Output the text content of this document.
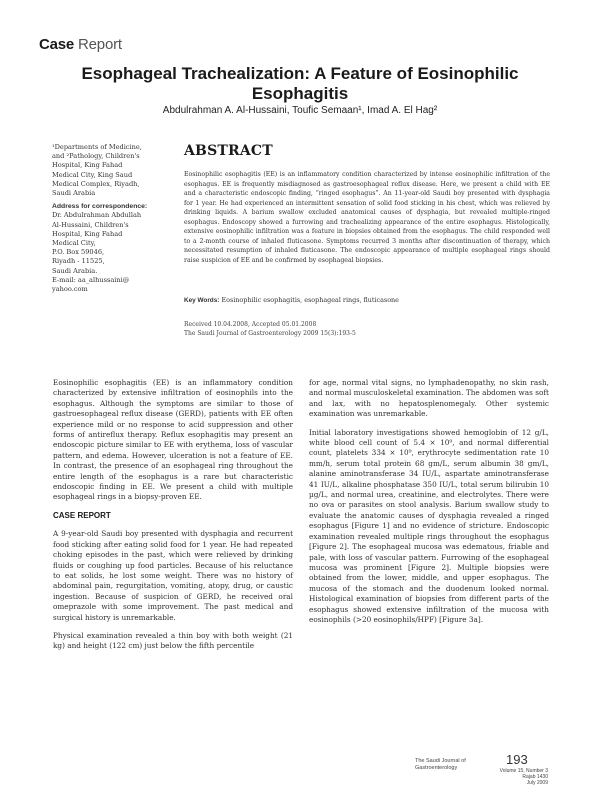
Case Report
Esophageal Trachealization: A Feature of Eosinophilic Esophagitis
Abdulrahman A. Al-Hussaini, Toufic Semaan¹, Imad A. El Hag²

¹Departments of Medicine,
and ²Pathology, Children's
Hospital, King Fahad
Medical City, King Saud
Medical Complex, Riyadh,
Saudi Arabia

Address for correspondence:

Dr. Abdulrahman Abdullah
Al-Hussaini, Children's
Hospital, King Fahad
Medical City,
P.O. Box 59046,
Riyadh - 11525,
Saudi Arabia.
E-mail: aa_alhussaini@
yahoo.com

ABSTRACT
Eosinophilic esophagitis (EE) is an inflammatory condition characterized by intense eosinophilic infiltration of the esophagus. EE is frequently misdiagnosed as gastroesophageal reflux disease. Here, we present a child with EE and a characteristic endoscopic finding, “ringed esophagus”. An 11-year-old Saudi boy presented with dysphagia for 1 year. He had experienced an intermittent sensation of solid food sticking in his chest, which was relieved by drinking liquids. A barium swallow excluded anatomical causes of dysphagia, but revealed multiple-ringed esophagus. Endoscopy showed a furrowing and trachealizing appearance of the entire esophagus. Histologically, extensive eosinophilic infiltration was a feature in biopsies obtained from the esophagus. The child responded well to a 2-month course of inhaled fluticasone. Symptoms recurred 3 months after discontinuation of therapy, which necessitated resumption of inhaled fluticasone. The endoscopic appearance of multiple esophageal rings should raise suspicion of EE and be confirmed by esophageal biopsies.
Key Words: Eosinophilic esophagitis, esophageal rings, fluticasone
Received 10.04.2008, Accepted 05.01.2008
The Saudi Journal of Gastroenterology 2009 15(3):193-5

Eosinophilic esophagitis (EE) is an inflammatory condition characterized by extensive infiltration of eosinophils into the esophagus. Although the symptoms are similar to those of gastroesophageal reflux disease (GERD), patients with EE often experience mild or no response to acid suppression and other forms of antireflux therapy. Reflux esophagitis may present an endoscopic picture similar to EE with erythema, loss of vascular pattern, and edema. However, ulceration is not a feature of EE. In contrast, the presence of an esophageal ring throughout the entire length of the esophagus is a rare but characteristic endoscopic finding in EE. We present a child with multiple esophageal rings in a biopsy-proven EE.

CASE REPORT

A 9-year-old Saudi boy presented with dysphagia and recurrent food sticking after eating solid food for 1 year. He had repeated choking episodes in the past, which were relieved by drinking fluids or coughing up food particles. Because of his reluctance to eat solids, he lost some weight. There was no history of abdominal pain, regurgitation, vomiting, atopy, drug, or caustic ingestion. Because of suspicion of GERD, he received oral omeprazole with some improvement. The past medical and surgical history is unremarkable.

Physical examination revealed a thin boy with both weight (21 kg) and height (122 cm) just below the fifth percentile

for age, normal vital signs, no lymphadenopathy, no skin rash, and normal musculoskeletal examination. The abdomen was soft and lax, with no hepatosplenomegaly. Other systemic examination was unremarkable.

Initial laboratory investigations showed hemoglobin of 12 g/L, white blood cell count of 5.4 × 10⁹, and normal differential count, platelets 334 × 10⁹, erythrocyte sedimentation rate 10 mm/h, serum total protein 68 gm/L, serum albumin 38 gm/L, alanine aminotransferase 34 IU/L, aspartate aminotransferase 41 IU/L, alkaline phosphatase 350 IU/L, total serum bilirubin 10 µg/L, and normal urea, creatinine, and electrolytes. There were no ova or parasites on stool analysis. Barium swallow study to evaluate the anatomic causes of dysphagia revealed a ringed esophagus [Figure 1] and no evidence of stricture. Endoscopic examination revealed multiple rings throughout the esophagus [Figure 2]. The esophageal mucosa was edematous, friable and pale, with loss of vascular pattern. Furrowing of the esophageal mucosa was prominent [Figure 2]. Multiple biopsies were obtained from the lower, middle, and upper esophagus. The mucosa of the stomach and the duodenum looked normal. Histological examination of biopsies from different parts of the esophagus showed extensive infiltration of the mucosa with eosinophils (>20 eosinophils/HPF) [Figure 3a].

The Saudi Journal of
Gastroenterology
193
Volume 15, Number 3
Rajab 1430
July 2009
